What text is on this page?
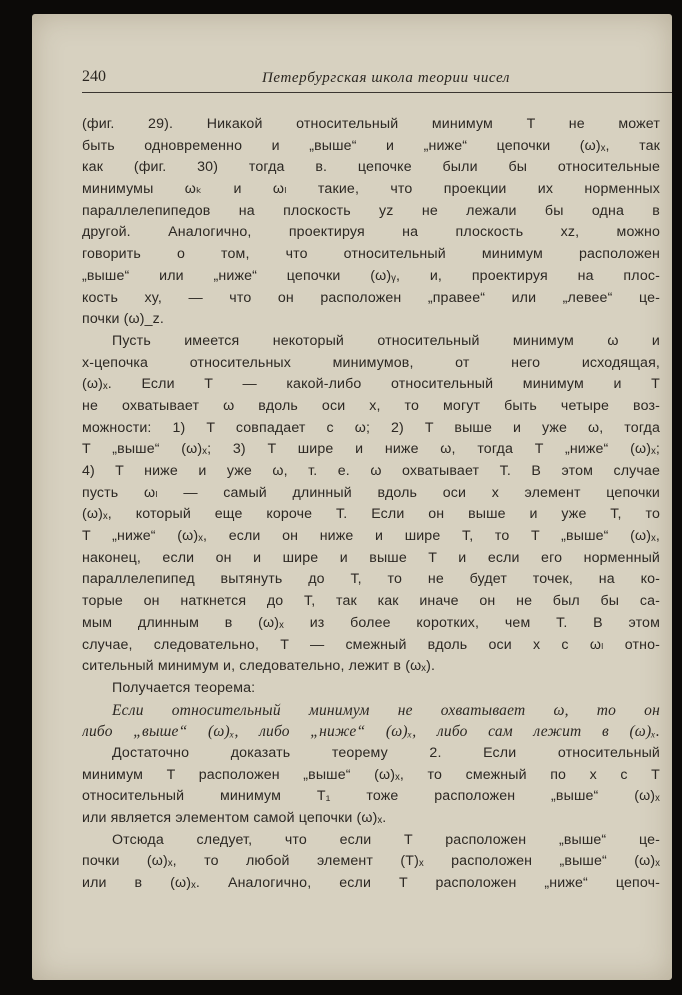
240	Петербургская школа теории чисел
(фиг. 29). Никакой относительный минимум T не может
быть одновременно и „выше“ и „ниже“ цепочки (ω)ₓ, так
как (фиг. 30) тогда в. цепочке были бы относительные
минимумы ωₖ и ωₗ такие, что проекции их норменных
параллелепипедов на плоскость yz не лежали бы одна в
другой. Аналогично, проектируя на плоскость xz, можно
говорить о том, что относительный минимум расположен
„выше“ или „ниже“ цепочки (ω)ᵧ, и, проектируя на плос-
кость xy, — что он расположен „правее“ или „левее“ це-
почки (ω)_z.
Пусть имеется некоторый относительный минимум ω и
x-цепочка относительных минимумов, от него исходящая,
(ω)ₓ. Если T — какой-либо относительный минимум и T
не охватывает ω вдоль оси x, то могут быть четыре воз-
можности: 1) T совпадает с ω; 2) T выше и уже ω, тогда
T „выше“ (ω)ₓ; 3) T шире и ниже ω, тогда T „ниже“ (ω)ₓ;
4) T ниже и уже ω, т. е. ω охватывает T. В этом случае
пусть ωₗ — самый длинный вдоль оси x элемент цепочки
(ω)ₓ, который еще короче T. Если он выше и уже T, то
T „ниже“ (ω)ₓ, если он ниже и шире T, то T „выше“ (ω)ₓ,
наконец, если он и шире и выше T и если его норменный
параллелепипед вытянуть до T, то не будет точек, на ко-
торые он наткнется до T, так как иначе он не был бы са-
мым длинным в (ω)ₓ из более коротких, чем T. В этом
случае, следовательно, T — смежный вдоль оси x с ωₗ отно-
сительный минимум и, следовательно, лежит в (ωₓ).
Получается теорема:
Если относительный минимум не охватывает ω, то он
либо „выше“ (ω)ₓ, либо „ниже“ (ω)ₓ, либо сам лежит в (ω)ₓ.
Достаточно доказать теорему 2. Если относительный
минимум T расположен „выше“ (ω)ₓ, то смежный по x с T
относительный минимум T₁ тоже расположен „выше“ (ω)ₓ
или является элементом самой цепочки (ω)ₓ.
Отсюда следует, что если T расположен „выше“ це-
почки (ω)ₓ, то любой элемент (T)ₓ расположен „выше“ (ω)ₓ
или в (ω)ₓ. Аналогично, если T расположен „ниже“ цепоч-
